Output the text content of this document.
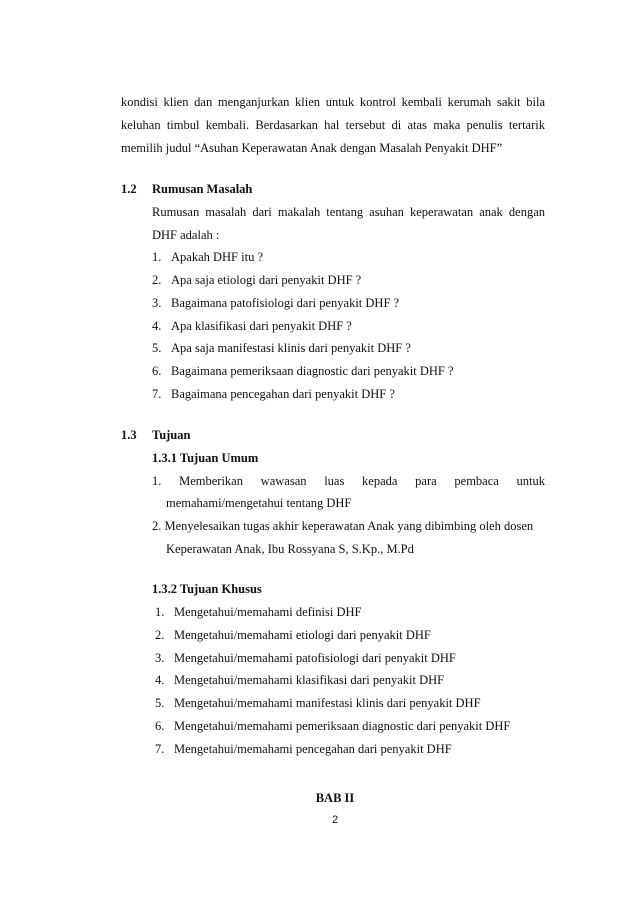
kondisi klien dan menganjurkan klien untuk kontrol kembali kerumah sakit bila
keluhan timbul kembali. Berdasarkan hal tersebut di atas maka penulis tertarik
memilih judul “Asuhan Keperawatan Anak dengan Masalah Penyakit DHF”
1.2 Rumusan Masalah
Rumusan masalah dari makalah tentang asuhan keperawatan anak dengan
DHF adalah :
1. Apakah DHF itu ?
2. Apa saja etiologi dari penyakit DHF ?
3. Bagaimana patofisiologi dari penyakit DHF ?
4. Apa klasifikasi dari penyakit DHF ?
5. Apa saja manifestasi klinis dari penyakit DHF ?
6. Bagaimana pemeriksaan diagnostic dari penyakit DHF ?
7. Bagaimana pencegahan dari penyakit DHF ?
1.3 Tujuan
1.3.1 Tujuan Umum
1. Memberikan wawasan luas kepada para pembaca untuk
memahami/mengetahui tentang DHF
2. Menyelesaikan tugas akhir keperawatan Anak yang dibimbing oleh dosen
Keperawatan Anak, Ibu Rossyana S, S.Kp., M.Pd
1.3.2 Tujuan Khusus
1. Mengetahui/memahami definisi DHF
2. Mengetahui/memahami etiologi dari penyakit DHF
3. Mengetahui/memahami patofisiologi dari penyakit DHF
4. Mengetahui/memahami klasifikasi dari penyakit DHF
5. Mengetahui/memahami manifestasi klinis dari penyakit DHF
6. Mengetahui/memahami pemeriksaan diagnostic dari penyakit DHF
7. Mengetahui/memahami pencegahan dari penyakit DHF
BAB II
2
